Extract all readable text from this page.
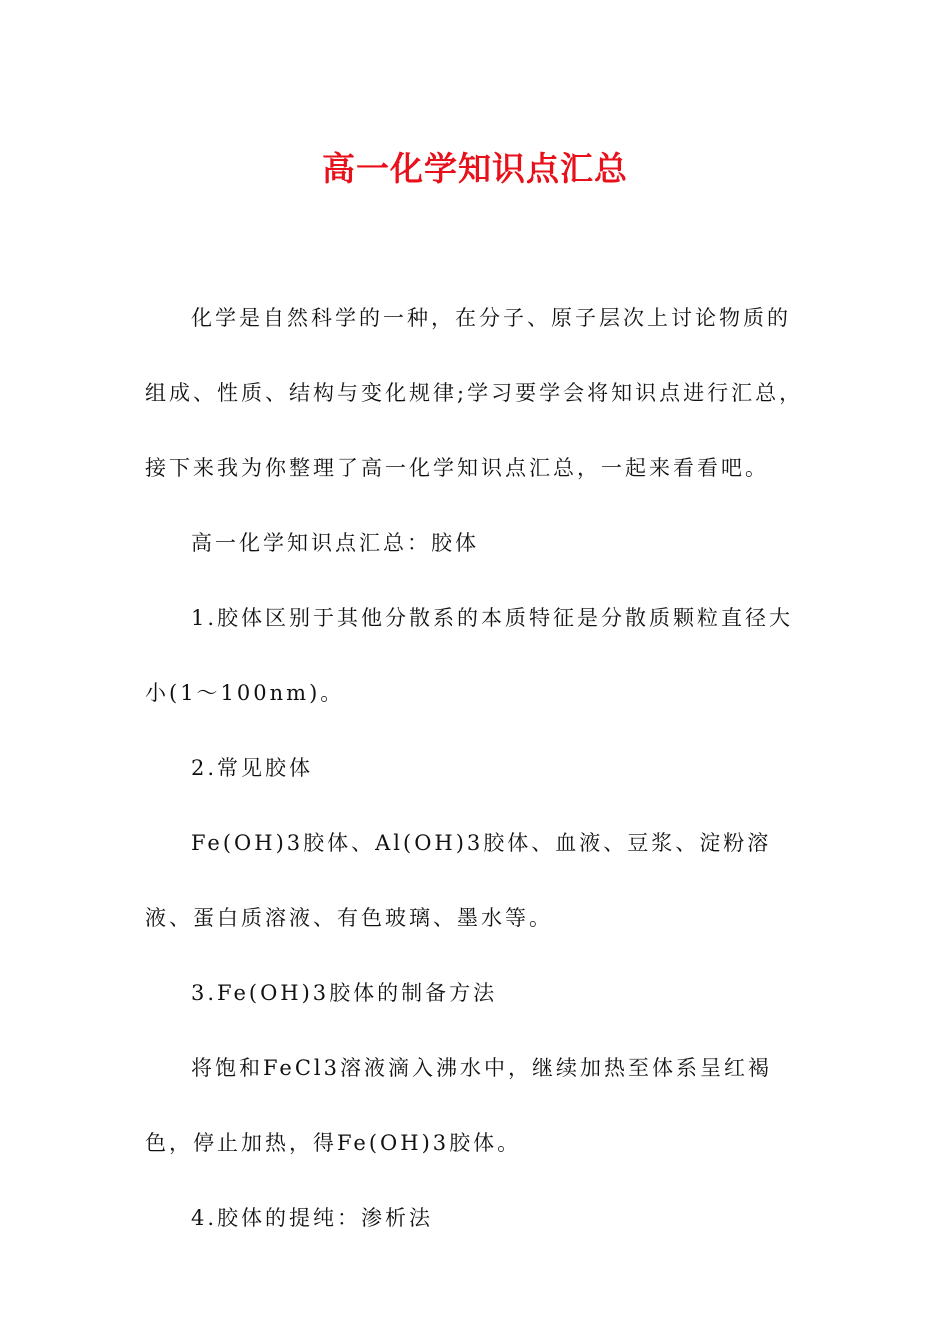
高一化学知识点汇总

化学是自然科学的一种，在分子、原子层次上讨论物质的组成、性质、结构与变化规律;学习要学会将知识点进行汇总，接下来我为你整理了高一化学知识点汇总，一起来看看吧。

高一化学知识点汇总：胶体

1.胶体区别于其他分散系的本质特征是分散质颗粒直径大小(1～100nm)。

2.常见胶体

Fe(OH)3胶体、Al(OH)3胶体、血液、豆浆、淀粉溶液、蛋白质溶液、有色玻璃、墨水等。

3.Fe(OH)3胶体的制备方法

将饱和FeCl3溶液滴入沸水中，继续加热至体系呈红褐色，停止加热，得Fe(OH)3胶体。

4.胶体的提纯：渗析法
